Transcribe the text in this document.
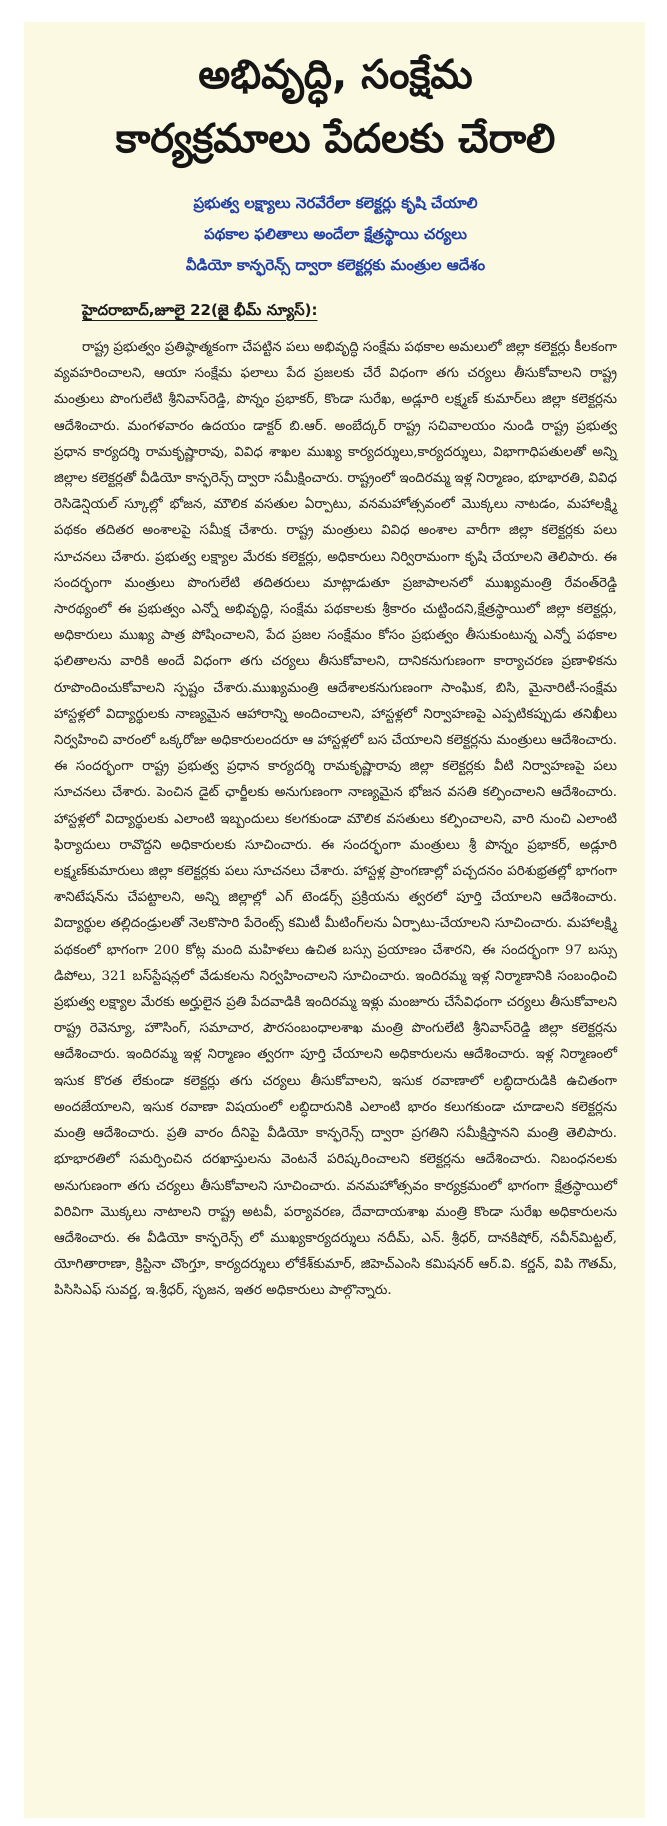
అభివృద్ధి, సంక్షేమ
కార్యక్రమాలు పేదలకు చేరాలి
ప్రభుత్వ లక్ష్యాలు నెరవేరేలా కలెక్టర్లు కృషి చేయాలి
పథకాల ఫలితాలు అందేలా క్షేత్రస్థాయి చర్యలు
వీడియో కాన్ఫరెన్స్ ద్వారా కలెక్టర్లకు మంత్రుల ఆదేశం
హైదరాబాద్,జూలై 22(జై భీమ్ న్యూస్):

రాష్ట్ర ప్రభుత్వం ప్రతిష్ఠాత్మకంగా చేపట్టిన పలు అభివృద్ధి సంక్షేమ పథకాల అమలులో జిల్లా కలెక్టర్లు కీలకంగా వ్యవహరించాలని, ఆయా సంక్షేమ ఫలాలు పేద ప్రజలకు చేరే విధంగా తగు చర్యలు తీసుకోవాలని రాష్ట్ర మంత్రులు పొంగులేటి శ్రీనివాస్‌రెడ్డి, పొన్నం ప్రభాకర్, కొండా సురేఖ, అడ్లూరి లక్ష్మణ్ కుమార్‌లు జిల్లా కలెక్టర్లను ఆదేశించారు. మంగళవారం ఉదయం డాక్టర్ బి.ఆర్. అంబేద్కర్ రాష్ట్ర సచివాలయం నుండి రాష్ట్ర ప్రభుత్వ ప్రధాన కార్యదర్శి రామకృష్ణారావు, వివిధ శాఖల ముఖ్య కార్యదర్శులు,కార్యదర్శులు, విభాగాధిపతులతో అన్ని జిల్లాల కలెక్టర్లతో వీడియో కాన్ఫరెన్స్ ద్వారా సమీక్షించారు. రాష్ట్రంలో ఇందిరమ్మ ఇళ్ల నిర్మాణం, భూభారతి, వివిధ రెసిడెన్షియల్ స్కూల్లో భోజన, మౌలిక వసతుల ఏర్పాటు, వనమహోత్సవంలో మొక్కలు నాటడం, మహాలక్ష్మి పథకం తదితర అంశాలపై సమీక్ష చేశారు. రాష్ట్ర మంత్రులు వివిధ అంశాల వారీగా జిల్లా కలెక్టర్లకు పలు సూచనలు చేశారు. ప్రభుత్వ లక్ష్యాల మేరకు కలెక్టర్లు, అధికారులు నిర్విరామంగా కృషి చేయాలని తెలిపారు. ఈ సందర్భంగా మంత్రులు పొంగులేటి తదితరులు మాట్లాడుతూ ప్రజాపాలనలో ముఖ్యమంత్రి రేవంత్‌రెడ్డి సారథ్యంలో ఈ ప్రభుత్వం ఎన్నో అభివృద్ధి, సంక్షేమ పథకాలకు శ్రీకారం చుట్టిందని,క్షేత్రస్థాయిలో జిల్లా కలెక్టర్లు, అధికారులు ముఖ్య పాత్ర పోషించాలని, పేద ప్రజల సంక్షేమం కోసం ప్రభుత్వం తీసుకుంటున్న ఎన్నో పథకాల ఫలితాలను వారికి అందే విధంగా తగు చర్యలు తీసుకోవాలని, దానికనుగుణంగా కార్యాచరణ ప్రణాళికను రూపొందించుకోవాలని స్పష్టం చేశారు.ముఖ్యమంత్రి ఆదేశాలకనుగుణంగా సాంఘిక, బిసి, మైనారిటీ-సంక్షేమ హాస్టళ్లలో విద్యార్థులకు నాణ్యమైన ఆహారాన్ని అందించాలని, హాస్టళ్లలో నిర్వాహణపై ఎప్పటికప్పుడు తనిఖీలు నిర్వహించి వారంలో ఒక్కరోజు అధికారులందరూ ఆ హాస్టళ్లలో బస చేయాలని కలెక్టర్లను మంత్రులు ఆదేశించారు. ఈ సందర్భంగా రాష్ట్ర ప్రభుత్వ ప్రధాన కార్యదర్శి రామకృష్ణారావు జిల్లా కలెక్టర్లకు వీటి నిర్వాహణపై పలు సూచనలు చేశారు. పెంచిన డైట్ ఛార్జీలకు అనుగుణంగా నాణ్యమైన భోజన వసతి కల్పించాలని ఆదేశించారు. హాస్టళ్లలో విద్యార్థులకు ఎలాంటి ఇబ్బందులు కలగకుండా మౌలిక వసతులు కల్పించాలని, వారి నుంచి ఎలాంటి ఫిర్యాదులు రావొద్దని అధికారులకు సూచించారు. ఈ సందర్భంగా మంత్రులు శ్రీ పొన్నం ప్రభాకర్, అడ్లూరి లక్ష్మణ్‌కుమారులు జిల్లా కలెక్టర్లకు పలు సూచనలు చేశారు. హాస్టళ్ల ప్రాంగణాల్లో పచ్చదనం పరిశుభ్రతల్లో భాగంగా శానిటేషన్‌ను చేపట్టాలని, అన్ని జిల్లాల్లో ఎగ్ టెండర్స్ ప్రక్రియను త్వరలో పూర్తి చేయాలని ఆదేశించారు. విద్యార్థుల తల్లిదండ్రులతో నెలకొసారి పేరెంట్స్ కమిటీ మీటింగ్‌లను ఏర్పాటు-చేయాలని సూచించారు. మహాలక్ష్మి పథకంలో భాగంగా 200 కోట్ల మంది మహిళలు ఉచిత బస్సు ప్రయాణం చేశారని, ఈ సందర్భంగా 97 బస్సు డిపోలు, 321 బస్‌స్టేషన్లలో వేడుకలను నిర్వహించాలని సూచించారు. ఇందిరమ్మ ఇళ్ల నిర్మాణానికి సంబంధించి ప్రభుత్వ లక్ష్యాల మేరకు అర్హులైన ప్రతి పేదవాడికి ఇందిరమ్మ ఇళ్లు మంజూరు చేసేవిధంగా చర్యలు తీసుకోవాలని రాష్ట్ర రెవెన్యూ, హౌసింగ్, సమాచార, పౌరసంబంధాలశాఖ మంత్రి పొంగులేటి శ్రీనివాస్‌రెడ్డి జిల్లా కలెక్టర్లను ఆదేశించారు. ఇందిరమ్మ ఇళ్ల నిర్మాణం త్వరగా పూర్తి చేయాలని అధికారులను ఆదేశించారు. ఇళ్ల నిర్మాణంలో ఇసుక కొరత లేకుండా కలెక్టర్లు తగు చర్యలు తీసుకోవాలని, ఇసుక రవాణాలో లబ్ధిదారుడికి ఉచితంగా అందజేయాలని, ఇసుక రవాణా విషయంలో లబ్ధిదారునికి ఎలాంటి భారం కలుగకుండా చూడాలని కలెక్టర్లను మంత్రి ఆదేశించారు. ప్రతి వారం దీనిపై వీడియో కాన్ఫరెన్స్ ద్వారా ప్రగతిని సమీక్షిస్తానని మంత్రి తెలిపారు. భూభారతిలో సమర్పించిన దరఖాస్తులను వెంటనే పరిష్కరించాలని కలెక్టర్లను ఆదేశించారు. నిబంధనలకు అనుగుణంగా తగు చర్యలు తీసుకోవాలని సూచించారు. వనమహోత్సవం కార్యక్రమంలో భాగంగా క్షేత్రస్థాయిలో విరివిగా మొక్కలు నాటాలని రాష్ట్ర అటవీ, పర్యావరణ, దేవాదాయశాఖ మంత్రి కొండా సురేఖ అధికారులను ఆదేశించారు. ఈ వీడియో కాన్ఫరెన్స్ లో ముఖ్యకార్యదర్శులు నదీమ్, ఎన్. శ్రీధర్, దానకిషోర్, నవీన్‌మిట్టల్, యోగితారాణా, క్రిస్టినా చొంగ్తూ, కార్యదర్శులు లోకేశ్‌కుమార్, జిహెచ్ఎంసి కమిషనర్ ఆర్.వి. కర్ణన్, విపి గౌతమ్, పిసిసిఎఫ్ సువర్ణ, ఇ.శ్రీధర్, సృజన, ఇతర అధికారులు పాల్గొన్నారు.
